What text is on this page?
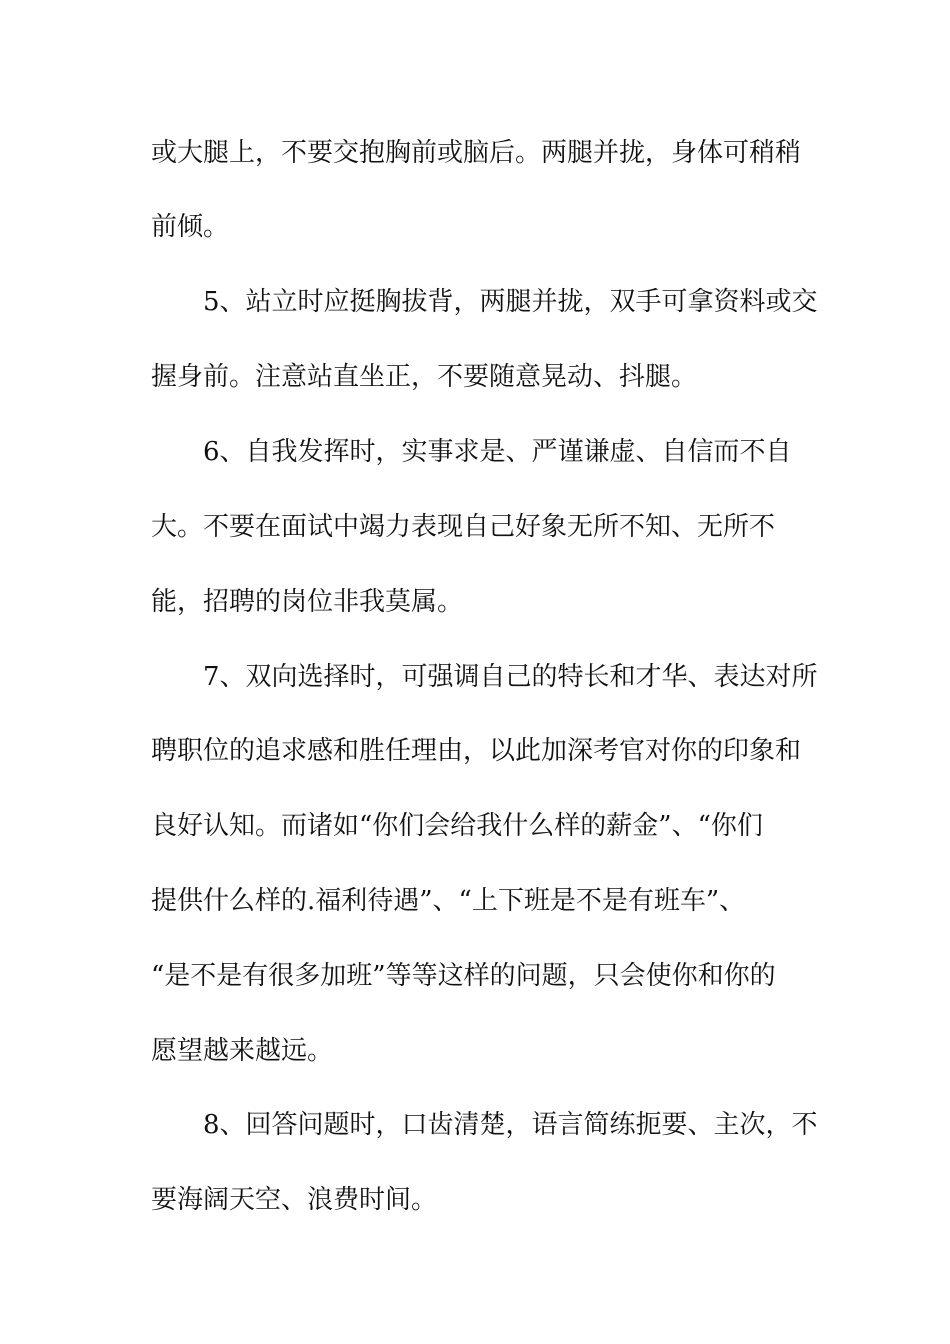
或大腿上，不要交抱胸前或脑后。两腿并拢，身体可稍稍

前倾。

5、站立时应挺胸拔背，两腿并拢，双手可拿资料或交

握身前。注意站直坐正，不要随意晃动、抖腿。

6、自我发挥时，实事求是、严谨谦虚、自信而不自

大。不要在面试中竭力表现自己好象无所不知、无所不

能，招聘的岗位非我莫属。

7、双向选择时，可强调自己的特长和才华、表达对所

聘职位的追求感和胜任理由，以此加深考官对你的印象和

良好认知。而诸如“你们会给我什么样的薪金”、“你们

提供什么样的.福利待遇”、“上下班是不是有班车”、

“是不是有很多加班”等等这样的问题，只会使你和你的

愿望越来越远。

8、回答问题时，口齿清楚，语言简练扼要、主次，不

要海阔天空、浪费时间。
